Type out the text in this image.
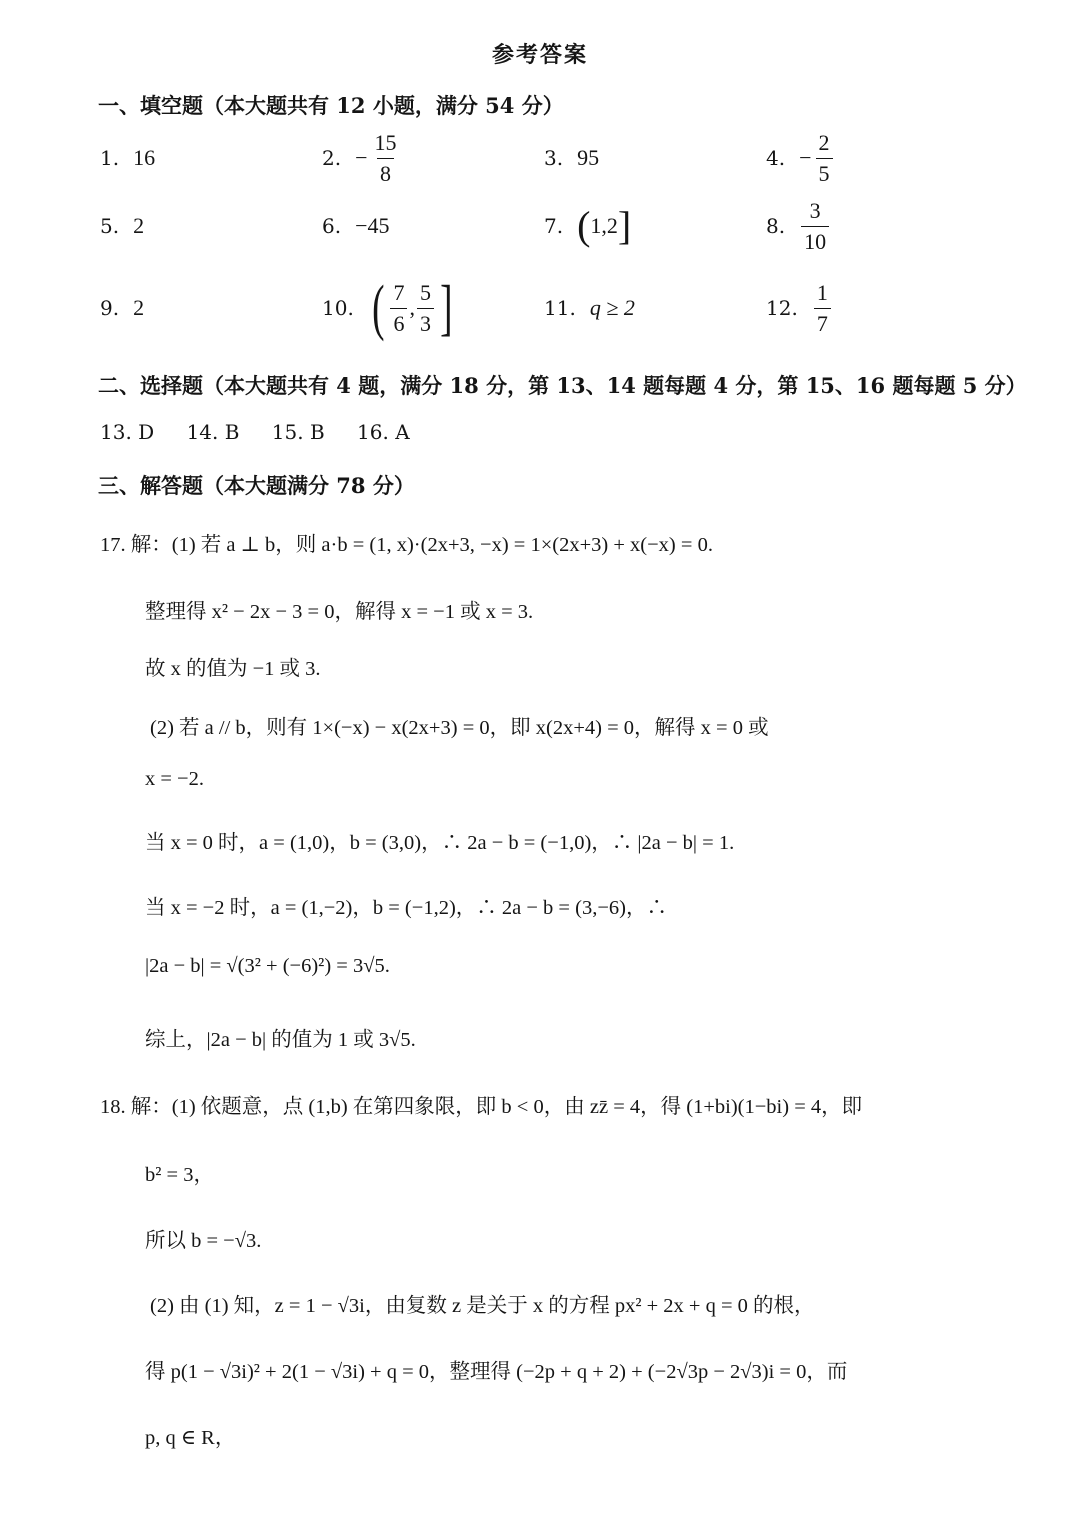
参考答案
一、填空题（本大题共有 12 小题，满分 54 分）
1. 16	2. − $\frac{15}{8}$	3. 95	4. − $\frac{2}{5}$
5. 2	6. −45	7. ( 1,2 ]	8. $\frac{3}{10}$
9. 2	10. ( $\frac{7}{6}$ , $\frac{5}{3}$ ]	11. q ≥ 2	12. $\frac{1}{7}$
二、选择题（本大题共有 4 题，满分 18 分，第 13、14 题每题 4 分，第 15、16 题每题 5 分）
13. D 14. B 15. B 16. A
三、解答题（本大题满分 78 分）
17. 解：(1) 若 a ⊥ b，则 a·b = (1, x)·(2x+3, −x) = 1×(2x+3) + x(−x) = 0.
整理得 x² − 2x − 3 = 0，解得 x = −1 或 x = 3.
故 x 的值为 −1 或 3.
(2) 若 a // b，则有 1×(−x) − x(2x+3) = 0，即 x(2x+4) = 0，解得 x = 0 或
x = −2.
当 x = 0 时，a = (1,0)，b = (3,0)，∴ 2a − b = (−1,0)，∴ |2a − b| = 1.
当 x = −2 时，a = (1,−2)，b = (−1,2)，∴ 2a − b = (3,−6)，∴
|2a − b| = √(3² + (−6)²) = 3√5.
综上，|2a − b| 的值为 1 或 3√5.
18. 解：(1) 依题意，点 (1,b) 在第四象限，即 b < 0，由 zz̄ = 4，得 (1+bi)(1−bi) = 4，即
b² = 3，
所以 b = −√3.
(2) 由 (1) 知，z = 1 − √3i，由复数 z 是关于 x 的方程 px² + 2x + q = 0 的根，
得 p(1 − √3i)² + 2(1 − √3i) + q = 0，整理得 (−2p + q + 2) + (−2√3p − 2√3)i = 0，而
p, q ∈ R，
